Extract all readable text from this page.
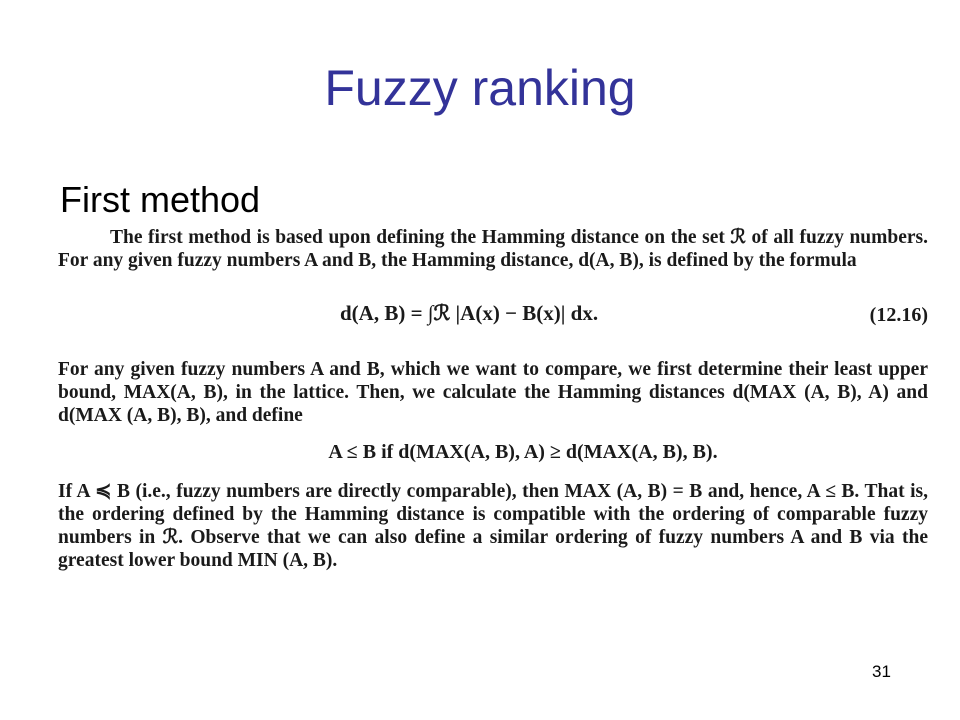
Fuzzy ranking
First method

The first method is based upon defining the Hamming distance on the set ℛ of all fuzzy numbers. For any given fuzzy numbers A and B, the Hamming distance, d(A, B), is defined by the formula

d(A, B) = ∫ℛ |A(x) − B(x)| dx.	(12.16)

For any given fuzzy numbers A and B, which we want to compare, we first determine their least upper bound, MAX(A, B), in the lattice. Then, we calculate the Hamming distances d(MAX (A, B), A) and d(MAX (A, B), B), and define

A ≤ B if d(MAX(A, B), A) ≥ d(MAX(A, B), B).

If A ≼ B (i.e., fuzzy numbers are directly comparable), then MAX (A, B) = B and, hence, A ≤ B. That is, the ordering defined by the Hamming distance is compatible with the ordering of comparable fuzzy numbers in ℛ. Observe that we can also define a similar ordering of fuzzy numbers A and B via the greatest lower bound MIN (A, B).

31
